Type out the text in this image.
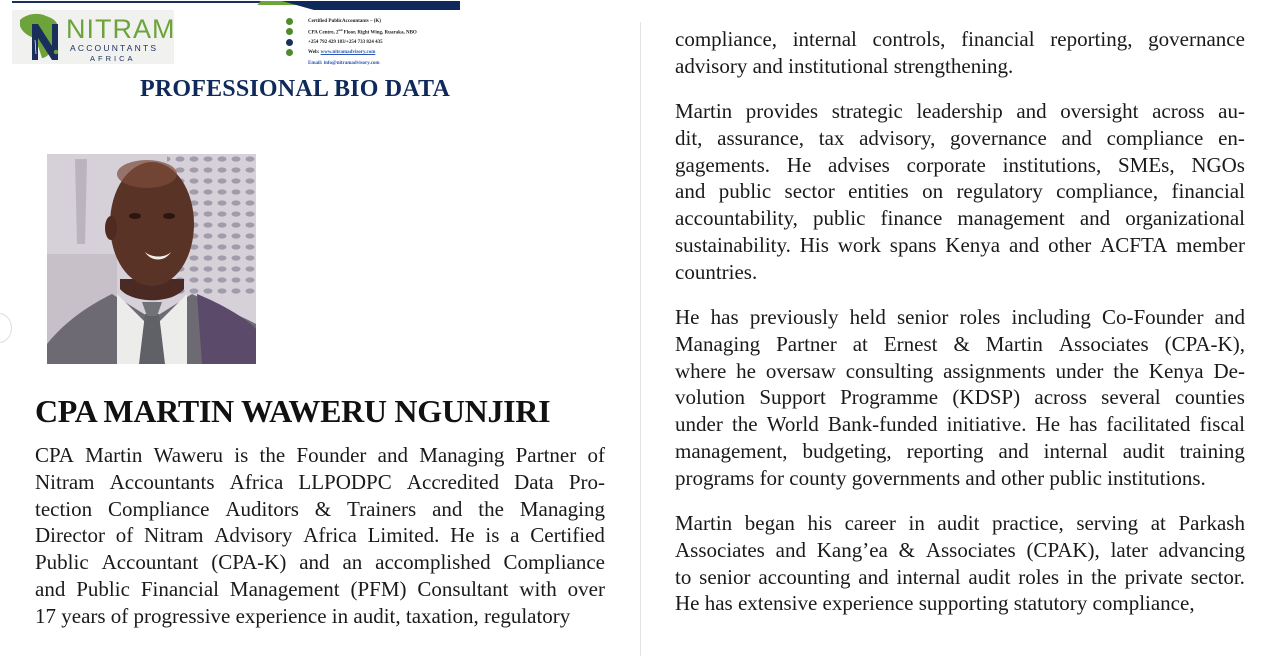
NITRAM
ACCOUNTANTS
AFRICA
Certified PublicAccountants – (K)
CPA Centre, 2nd Floor, Right Wing, Ruaraka, NBO
+254 792 429 183/+254 733 824 435
Web: www.nitramadvisory.com
Email: info@nitramadvisory.com
PROFESSIONAL BIO DATA
CPA MARTIN WAWERU NGUNJIRI
CPA Martin Waweru is the Founder and Managing Partner of
Nitram Accountants Africa LLPODPC Accredited Data Pro-
tection Compliance Auditors & Trainers and the Managing
Director of Nitram Advisory Africa Limited. He is a Certified
Public Accountant (CPA-K) and an accomplished Compliance
and Public Financial Management (PFM) Consultant with over
17 years of progressive experience in audit, taxation, regulatory
compliance, internal controls, financial reporting, governance
advisory and institutional strengthening.
Martin provides strategic leadership and oversight across au-
dit, assurance, tax advisory, governance and compliance en-
gagements. He advises corporate institutions, SMEs, NGOs
and public sector entities on regulatory compliance, financial
accountability, public finance management and organizational
sustainability. His work spans Kenya and other ACFTA member
countries.
He has previously held senior roles including Co-Founder and
Managing Partner at Ernest & Martin Associates (CPA-K),
where he oversaw consulting assignments under the Kenya De-
volution Support Programme (KDSP) across several counties
under the World Bank-funded initiative. He has facilitated fiscal
management, budgeting, reporting and internal audit training
programs for county governments and other public institutions.
Martin began his career in audit practice, serving at Parkash
Associates and Kang’ea & Associates (CPAK), later advancing
to senior accounting and internal audit roles in the private sector.
He has extensive experience supporting statutory compliance,
